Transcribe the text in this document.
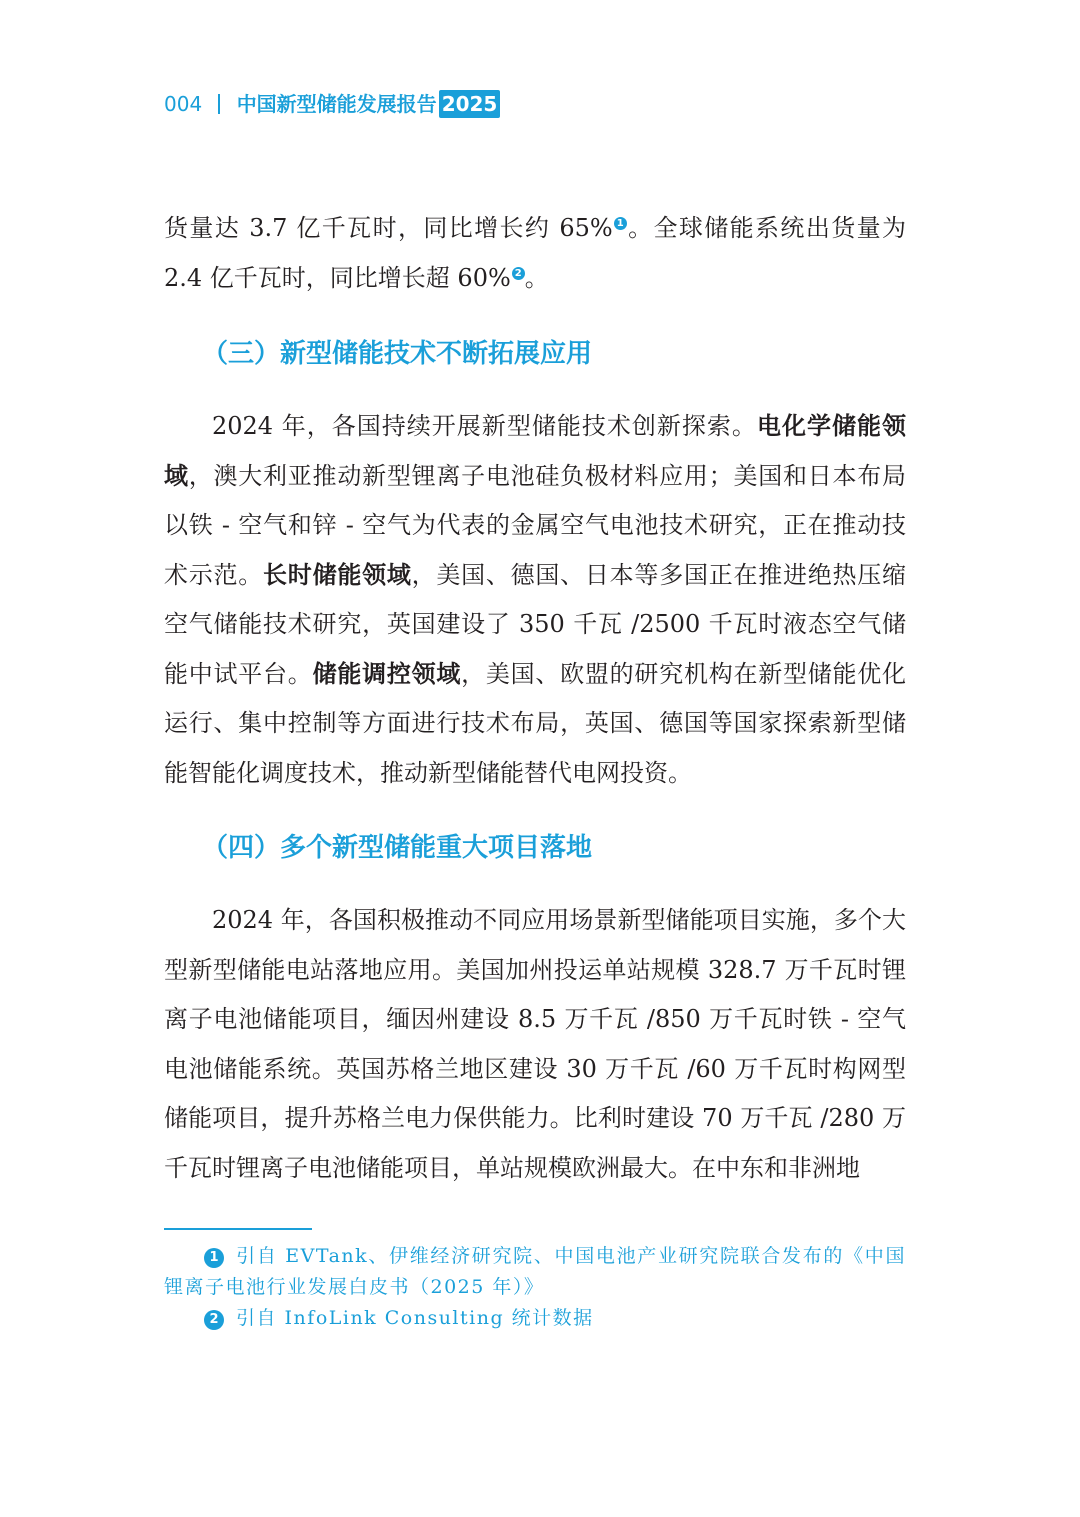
004 中国新型储能发展报告 2025

货量达 3.7 亿千瓦时，同比增长约 65% $^1$ 。全球储能系统出货量为 2.4 亿千瓦时，同比增长超 60% $^2$ 。

（三）新型储能技术不断拓展应用

2024 年，各国持续开展新型储能技术创新探索。电化学储能领域，澳大利亚推动新型锂离子电池硅负极材料应用；美国和日本布局以铁 - 空气和锌 - 空气为代表的金属空气电池技术研究，正在推动技术示范。长时储能领域，美国、德国、日本等多国正在推进绝热压缩空气储能技术研究，英国建设了 350 千瓦 /2500 千瓦时液态空气储能中试平台。储能调控领域，美国、欧盟的研究机构在新型储能优化运行、集中控制等方面进行技术布局，英国、德国等国家探索新型储能智能化调度技术，推动新型储能替代电网投资。

（四）多个新型储能重大项目落地

2024 年，各国积极推动不同应用场景新型储能项目实施，多个大型新型储能电站落地应用。美国加州投运单站规模 328.7 万千瓦时锂离子电池储能项目，缅因州建设 8.5 万千瓦 /850 万千瓦时铁 - 空气电池储能系统。英国苏格兰地区建设 30 万千瓦 /60 万千瓦时构网型储能项目，提升苏格兰电力保供能力。比利时建设 70 万千瓦 /280 万千瓦时锂离子电池储能项目，单站规模欧洲最大。在中东和非洲地

1 引自 EVTank、伊维经济研究院、中国电池产业研究院联合发布的《中国锂离子电池行业发展白皮书（2025 年）》

2 引自 InfoLink Consulting 统计数据
